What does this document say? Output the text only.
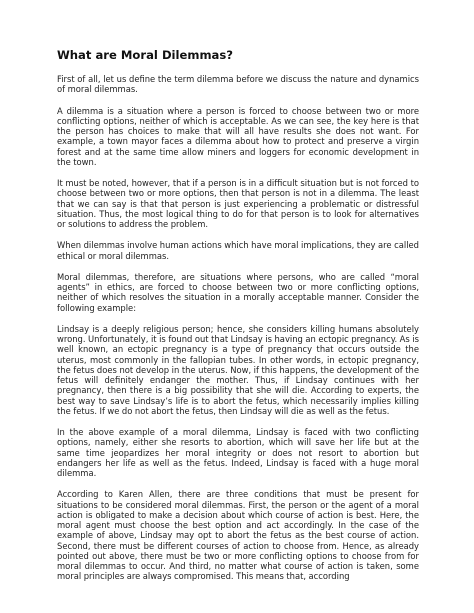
What are Moral Dilemmas?

First of all, let us define the term dilemma before we discuss the nature and dynamics of moral dilemmas.

A dilemma is a situation where a person is forced to choose between two or more conflicting options, neither of which is acceptable. As we can see, the key here is that the person has choices to make that will all have results she does not want. For example, a town mayor faces a dilemma about how to protect and preserve a virgin forest and at the same time allow miners and loggers for economic development in the town.

It must be noted, however, that if a person is in a difficult situation but is not forced to choose between two or more options, then that person is not in a dilemma. The least that we can say is that that person is just experiencing a problematic or distressful situation. Thus, the most logical thing to do for that person is to look for alternatives or solutions to address the problem.

When dilemmas involve human actions which have moral implications, they are called ethical or moral dilemmas.

Moral dilemmas, therefore, are situations where persons, who are called “moral agents” in ethics, are forced to choose between two or more conflicting options, neither of which resolves the situation in a morally acceptable manner. Consider the following example:

Lindsay is a deeply religious person; hence, she considers killing humans absolutely wrong. Unfortunately, it is found out that Lindsay is having an ectopic pregnancy. As is well known, an ectopic pregnancy is a type of pregnancy that occurs outside the uterus, most commonly in the fallopian tubes. In other words, in ectopic pregnancy, the fetus does not develop in the uterus. Now, if this happens, the development of the fetus will definitely endanger the mother. Thus, if Lindsay continues with her pregnancy, then there is a big possibility that she will die. According to experts, the best way to save Lindsay’s life is to abort the fetus, which necessarily implies killing the fetus. If we do not abort the fetus, then Lindsay will die as well as the fetus.

In the above example of a moral dilemma, Lindsay is faced with two conflicting options, namely, either she resorts to abortion, which will save her life but at the same time jeopardizes her moral integrity or does not resort to abortion but endangers her life as well as the fetus. Indeed, Lindsay is faced with a huge moral dilemma.

According to Karen Allen, there are three conditions that must be present for situations to be considered moral dilemmas. First, the person or the agent of a moral action is obligated to make a decision about which course of action is best. Here, the moral agent must choose the best option and act accordingly. In the case of the example of above, Lindsay may opt to abort the fetus as the best course of action. Second, there must be different courses of action to choose from. Hence, as already pointed out above, there must be two or more conflicting options to choose from for moral dilemmas to occur. And third, no matter what course of action is taken, some moral principles are always compromised. This means that, according
